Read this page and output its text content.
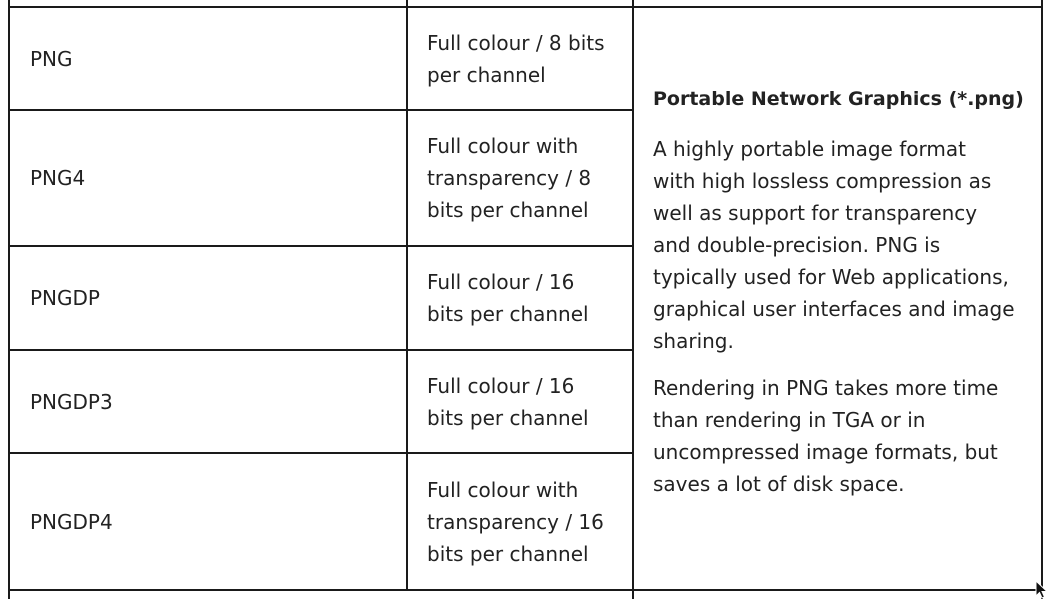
PNG
Full colour / 8 bits
per channel
PNG4
Full colour with
transparency / 8
bits per channel
PNGDP
Full colour / 16
bits per channel
PNGDP3
Full colour / 16
bits per channel
PNGDP4
Full colour with
transparency / 16
bits per channel
Portable Network Graphics (*.png)

A highly portable image format
with high lossless compression as
well as support for transparency
and double-precision. PNG is
typically used for Web applications,
graphical user interfaces and image
sharing.

Rendering in PNG takes more time
than rendering in TGA or in
uncompressed image formats, but
saves a lot of disk space.
